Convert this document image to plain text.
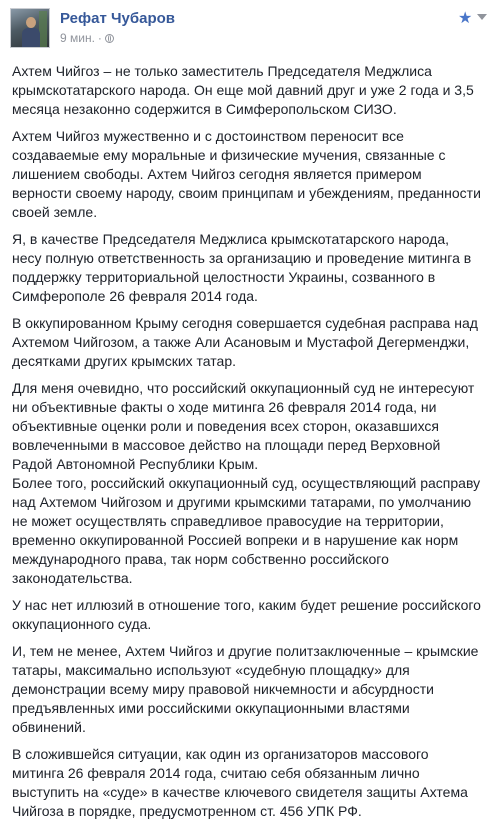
Рефат Чубаров
9 мин. ·
★

Ахтем Чийгоз – не только заместитель Председателя Меджлиса крымскотатарского народа. Он еще мой давний друг и уже 2 года и 3,5 месяца незаконно содержится в Симферопольском СИЗО.

Ахтем Чийгоз мужественно и с достоинством переносит все создаваемые ему моральные и физические мучения, связанные с лишением свободы. Ахтем Чийгоз сегодня является примером верности своему народу, своим принципам и убеждениям, преданности своей земле.

Я, в качестве Председателя Меджлиса крымскотатарского народа, несу полную ответственность за организацию и проведение митинга в поддержку территориальной целостности Украины, созванного в Симферополе 26 февраля 2014 года.

В оккупированном Крыму сегодня совершается судебная расправа над Ахтемом Чийгозом, а также Али Асановым и Мустафой Дегерменджи, десятками других крымских татар.

Для меня очевидно, что российский оккупационный суд не интересуют ни объективные факты о ходе митинга 26 февраля 2014 года, ни объективные оценки роли и поведения всех сторон, оказавшихся вовлеченными в массовое действо на площади перед Верховной Радой Автономной Республики Крым.

Более того, российский оккупационный суд, осуществляющий расправу над Ахтемом Чийгозом и другими крымскими татарами, по умолчанию не может осуществлять справедливое правосудие на территории, временно оккупированной Россией вопреки и в нарушение как норм международного права, так норм собственно российского законодательства.

У нас нет иллюзий в отношение того, каким будет решение российского оккупационного суда.

И, тем не менее, Ахтем Чийгоз и другие политзаключенные – крымские татары, максимально используют «судебную площадку» для демонстрации всему миру правовой никчемности и абсурдности предъявленных ими российскими оккупационными властями обвинений.

В сложившейся ситуации, как один из организаторов массового митинга 26 февраля 2014 года, считаю себя обязанным лично выступить на «суде» в качестве ключевого свидетеля защиты Ахтема Чийгоза в порядке, предусмотренном ст. 456 УПК РФ.
